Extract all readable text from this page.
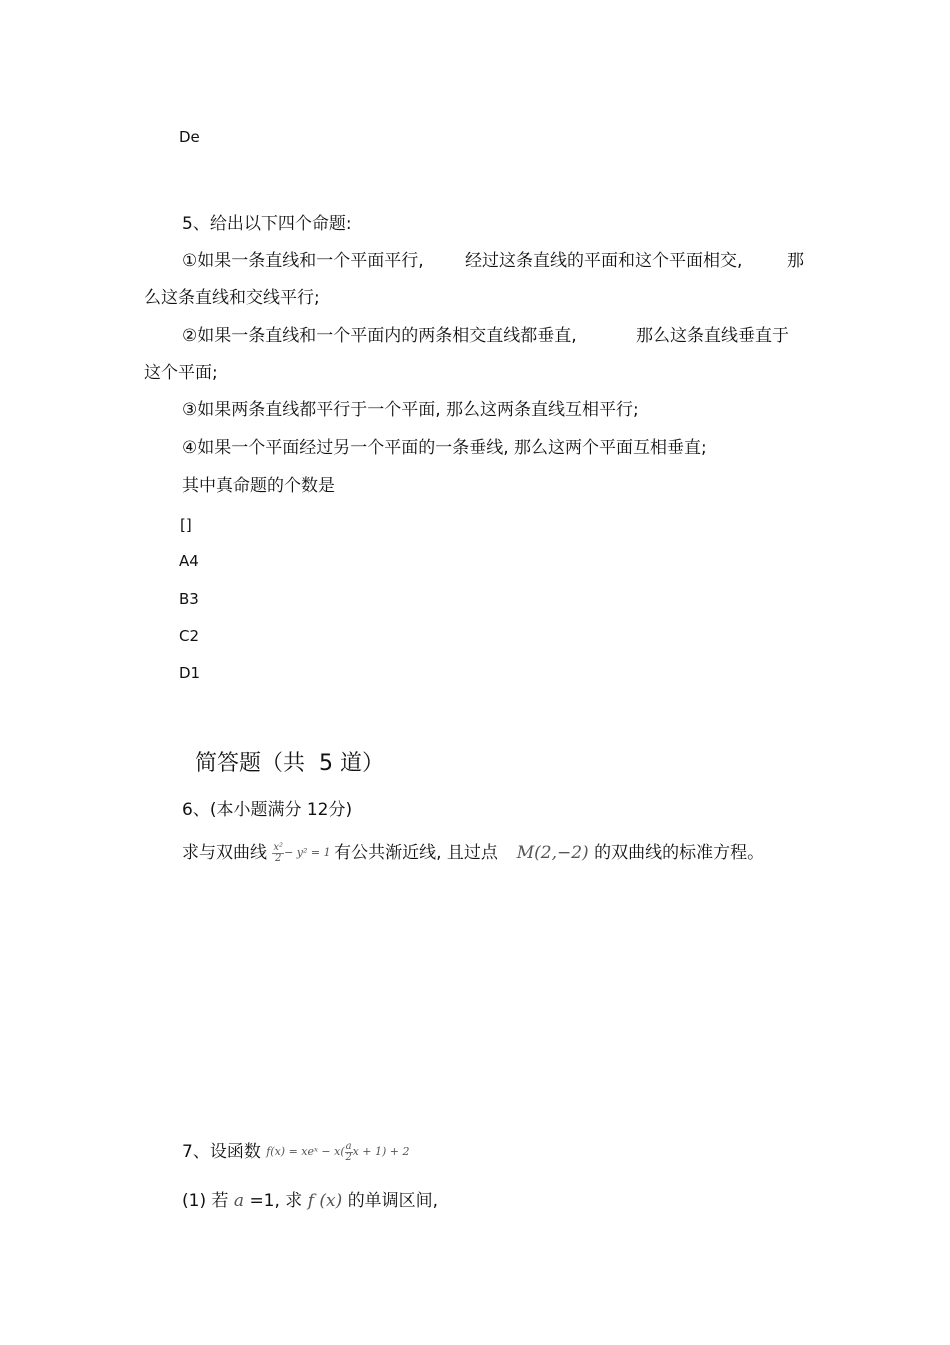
De
5、给出以下四个命题:
①如果一条直线和一个平面平行, 经过这条直线的平面和这个平面相交,	那
么这条直线和交线平行;
②如果一条直线和一个平面内的两条相交直线都垂直,	那么这条直线垂直于
这个平面;
③如果两条直线都平行于一个平面, 那么这两条直线互相平行;
④如果一个平面经过另一个平面的一条垂线, 那么这两个平面互相垂直;
其中真命题的个数是
[]
A4
B3
C2
D1
简答题（共 5 道）
6、(本小题满分 12分)
求与双曲线 $\frac{\text{x²}}{2} - y^2 = 1$ 有公共渐近线, 且过点 M(2,−2) 的双曲线的标准方程。
7、设函数 f(x) = xeˣ − $x( \frac{a}{2}$ x + 1) + 2
(1) 若 a =1, 求 f (x) 的单调区间,
